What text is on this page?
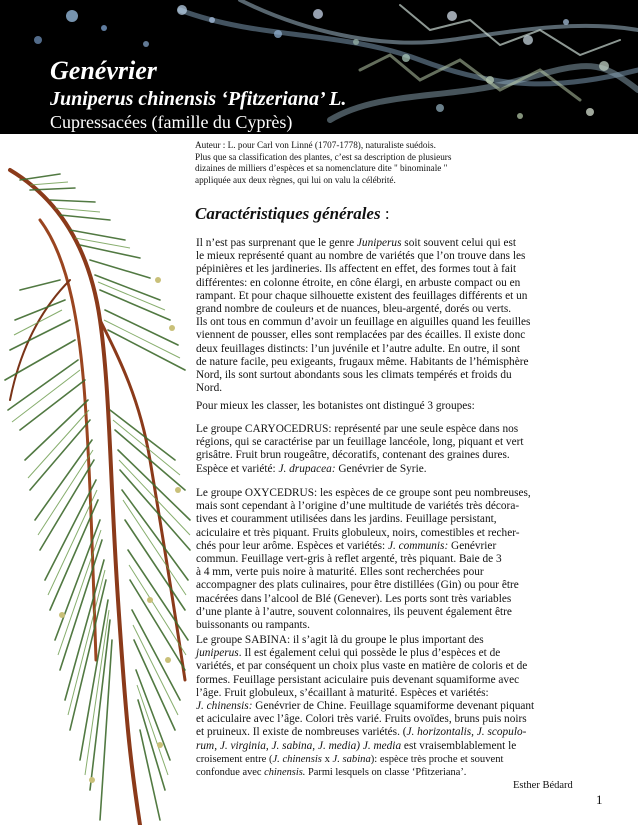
Genévrier
Juniperus chinensis ‘Pfitzeriana’ L.
Cupressacées (famille du Cyprès)
Auteur : L. pour Carl von Linné (1707-1778), naturaliste suédois.
Plus que sa classification des plantes, c’est sa description de plusieurs
dizaines de milliers d’espèces et sa nomenclature dite " binominale "
appliquée aux deux règnes, qui lui on valu la célébrité.
Caractéristiques générales :
Il n’est pas surprenant que le genre Juniperus soit souvent celui qui est
le mieux représenté quant au nombre de variétés que l’on trouve dans les
pépinières et les jardineries. Ils affectent en effet, des formes tout à fait
différentes: en colonne étroite, en cône élargi, en arbuste compact ou en
rampant. Et pour chaque silhouette existent des feuillages différents et un
grand nombre de couleurs et de nuances, bleu-argenté, dorés ou verts.
Ils ont tous en commun d’avoir un feuillage en aiguilles quand les feuilles
viennent de pousser, elles sont remplacées par des écailles. Il existe donc
deux feuillages distincts: l’un juvénile et l’autre adulte. En outre, il sont
de nature facile, peu exigeants, frugaux même. Habitants de l’hémisphère
Nord, ils sont surtout abondants sous les climats tempérés et froids du
Nord.
Pour mieux les classer, les botanistes ont distingué 3 groupes:
Le groupe CARYOCEDRUS: représenté par une seule espèce dans nos
régions, qui se caractérise par un feuillage lancéole, long, piquant et vert
grisâtre. Fruit brun rougeâtre, décoratifs, contenant des graines dures.
Espèce et variété: J. drupacea: Genévrier de Syrie.
Le groupe OXYCEDRUS: les espèces de ce groupe sont peu nombreuses,
mais sont cependant à l’origine d’une multitude de variétés très décora-
tives et couramment utilisées dans les jardins. Feuillage persistant,
aciculaire et très piquant. Fruits globuleux, noirs, comestibles et recher-
chés pour leur arôme. Espèces et variétés: J. communis: Genévrier
commun. Feuillage vert-gris à reflet argenté, très piquant. Baie de 3
à 4 mm, verte puis noire à maturité. Elles sont recherchées pour
accompagner des plats culinaires, pour être distillées (Gin) ou pour être
macérées dans l’alcool de Blé (Genever). Les ports sont très variables
d’une plante à l’autre, souvent colonnaires, ils peuvent également être
buissonants ou rampants.
Le groupe SABINA: il s’agit là du groupe le plus important des
juniperus. Il est également celui qui possède le plus d’espèces et de
variétés, et par conséquent un choix plus vaste en matière de coloris et de
formes. Feuillage persistant aciculaire puis devenant squamiforme avec
l’âge. Fruit globuleux, s’écaillant à maturité. Espèces et variétés:
J. chinensis: Genévrier de Chine. Feuillage squamiforme devenant piquant
et aciculaire avec l’âge. Colori très varié. Fruits ovoïdes, bruns puis noirs
et pruineux. Il existe de nombreuses variétés. (J. horizontalis, J. scopulo-
rum, J. virginia, J. sabina, J. media) J. media est vraisemblablement le
croisement entre (J. chinensis x J. sabina): espèce très proche et souvent
confondue avec chinensis. Parmi lesquels on classe ‘Pfitzeriana’.
Esther Bédard
1
